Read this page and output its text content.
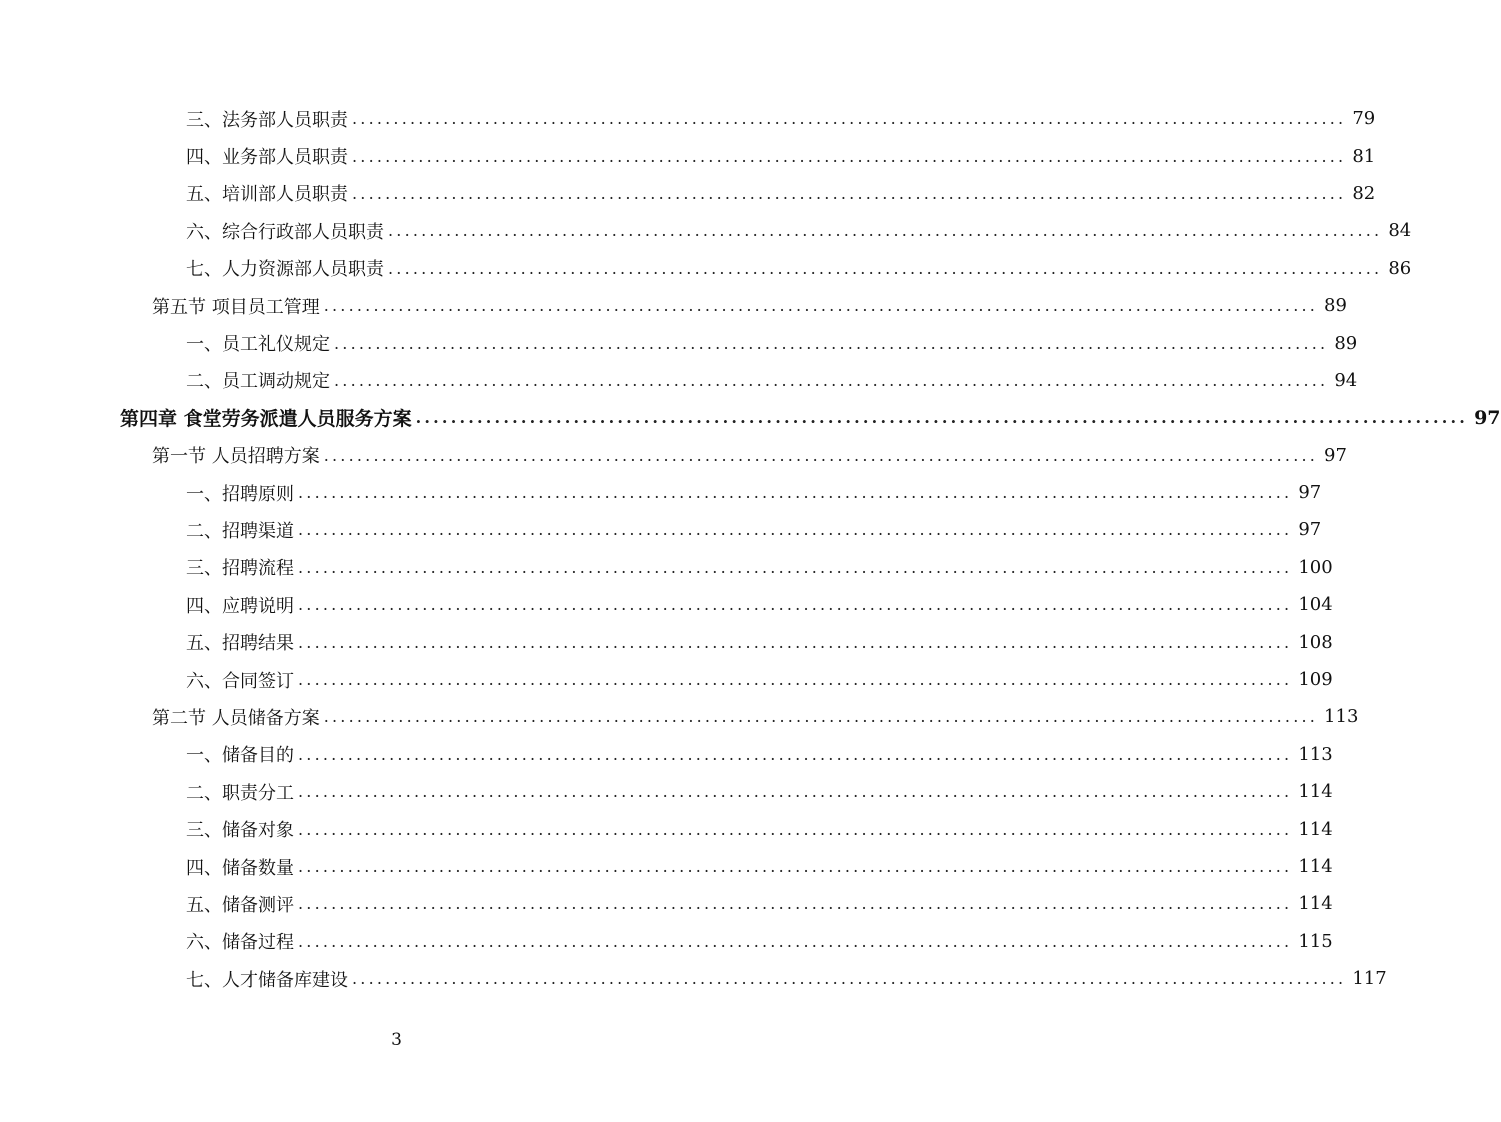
三、法务部人员职责 ........................................................................................................................ 79
四、业务部人员职责 ........................................................................................................................ 81
五、培训部人员职责 ........................................................................................................................ 82
六、综合行政部人员职责 ........................................................................................................................ 84
七、人力资源部人员职责 ........................................................................................................................ 86
第五节 项目员工管理 ........................................................................................................................ 89
一、员工礼仪规定 ........................................................................................................................ 89
二、员工调动规定 ........................................................................................................................ 94
第四章 食堂劳务派遣人员服务方案 ........................................................................................................................ 97
第一节 人员招聘方案 ........................................................................................................................ 97
一、招聘原则 ........................................................................................................................ 97
二、招聘渠道 ........................................................................................................................ 97
三、招聘流程 ........................................................................................................................ 100
四、应聘说明 ........................................................................................................................ 104
五、招聘结果 ........................................................................................................................ 108
六、合同签订 ........................................................................................................................ 109
第二节 人员储备方案 ........................................................................................................................ 113
一、储备目的 ........................................................................................................................ 113
二、职责分工 ........................................................................................................................ 114
三、储备对象 ........................................................................................................................ 114
四、储备数量 ........................................................................................................................ 114
五、储备测评 ........................................................................................................................ 114
六、储备过程 ........................................................................................................................ 115
七、人才储备库建设 ........................................................................................................................ 117
3
